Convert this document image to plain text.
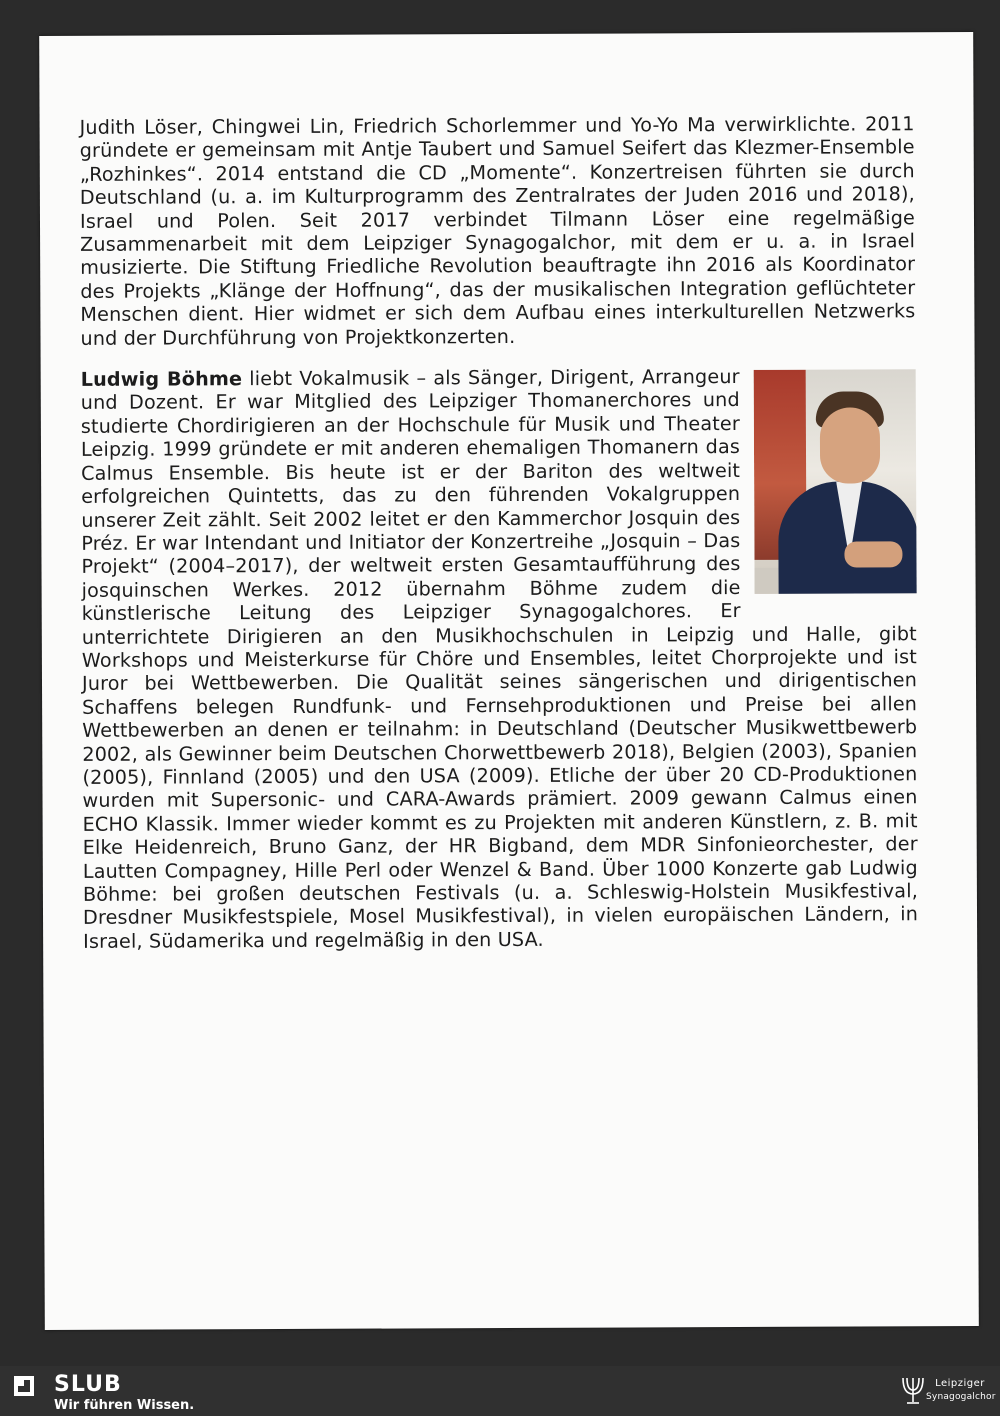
Judith Löser, Chingwei Lin, Friedrich Schorlemmer und Yo-Yo Ma verwirklichte. 2011 gründete er gemeinsam mit Antje Taubert und Samuel Seifert das Klezmer-Ensemble „Rozhinkes“. 2014 entstand die CD „Momente“. Konzertreisen führten sie durch Deutschland (u. a. im Kulturprogramm des Zentralrates der Juden 2016 und 2018), Israel und Polen. Seit 2017 verbindet Tilmann Löser eine regelmäßige Zusammenarbeit mit dem Leipziger Synagogalchor, mit dem er u. a. in Israel musizierte. Die Stiftung Friedliche Revolution beauftragte ihn 2016 als Koordinator des Projekts „Klänge der Hoffnung“, das der musikalischen Integration geflüchteter Menschen dient. Hier widmet er sich dem Aufbau eines interkulturellen Netzwerks und der Durchführung von Projektkonzerten.

Ludwig Böhme liebt Vokalmusik – als Sänger, Dirigent, Arrangeur und Dozent. Er war Mitglied des Leipziger Thomanerchores und studierte Chordirigieren an der Hochschule für Musik und Theater Leipzig. 1999 gründete er mit anderen ehemaligen Thomanern das Calmus Ensemble. Bis heute ist er der Bariton des weltweit erfolgreichen Quintetts, das zu den führenden Vokalgruppen unserer Zeit zählt. Seit 2002 leitet er den Kammerchor Josquin des Préz. Er war Intendant und Initiator der Konzertreihe „Josquin – Das Projekt“ (2004–2017), der weltweit ersten Gesamtaufführung des josquinschen Werkes. 2012 übernahm Böhme zudem die künstlerische Leitung des Leipziger Synagogalchores. Er unterrichtete Dirigieren an den Musikhochschulen in Leipzig und Halle, gibt Workshops und Meisterkurse für Chöre und Ensembles, leitet Chorprojekte und ist Juror bei Wettbewerben. Die Qualität seines sängerischen und dirigentischen Schaffens belegen Rundfunk- und Fernsehproduktionen und Preise bei allen Wettbewerben an denen er teilnahm: in Deutschland (Deutscher Musikwettbewerb 2002, als Gewinner beim Deutschen Chorwettbewerb 2018), Belgien (2003), Spanien (2005), Finnland (2005) und den USA (2009). Etliche der über 20 CD-Produktionen wurden mit Supersonic- und CARA-Awards prämiert. 2009 gewann Calmus einen ECHO Klassik. Immer wieder kommt es zu Projekten mit anderen Künstlern, z. B. mit Elke Heidenreich, Bruno Ganz, der HR Bigband, dem MDR Sinfonieorchester, der Lautten Compagney, Hille Perl oder Wenzel & Band. Über 1000 Konzerte gab Ludwig Böhme: bei großen deutschen Festivals (u. a. Schleswig-Holstein Musikfestival, Dresdner Musikfestspiele, Mosel Musikfestival), in vielen europäischen Ländern, in Israel, Südamerika und regelmäßig in den USA.

SLUB
Wir führen Wissen.
Leipziger
Synagogalchor
